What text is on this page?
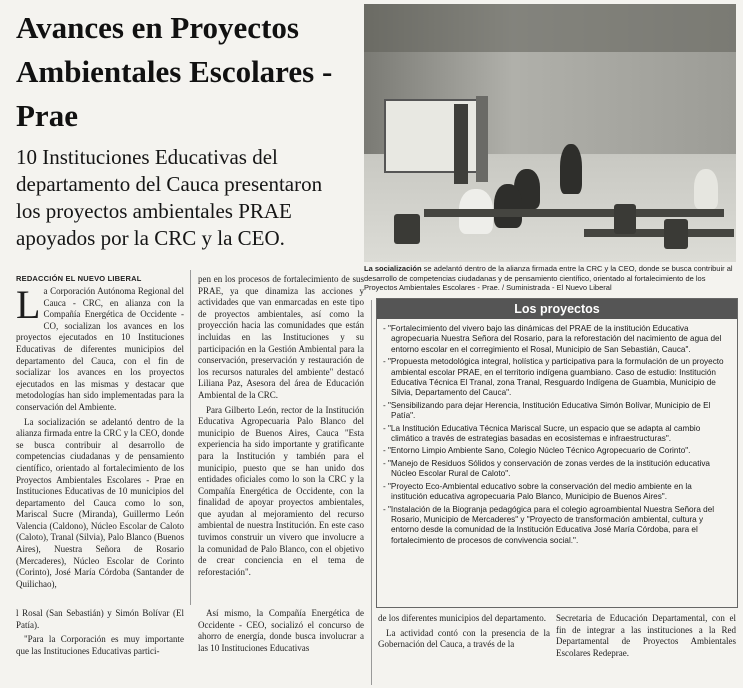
Avances en Proyectos Ambientales Escolares - Prae

10 Instituciones Educativas del departamento del Cauca presentaron los proyectos ambientales PRAE apoyados por la CRC y la CEO.

La socialización se adelantó dentro de la alianza firmada entre la CRC y la CEO, donde se busca contribuir al desarrollo de competencias ciudadanas y de pensamiento científico, orientado al fortalecimiento de los Proyectos Ambientales Escolares - Prae. / Suministrada - El Nuevo Liberal

REDACCIÓN EL NUEVO LIBERAL

La Corporación Autónoma Regional del Cauca - CRC, en alianza con la Compañía Energética de Occidente - CO, socializan los avances en los proyectos ejecutados en 10 Instituciones Educativas de diferentes municipios del departamento del Cauca, con el fin de socializar los avances en los proyectos ejecutados en las mismas y destacar que metodologías han sido implementadas para la conservación del Ambiente.

La socialización se adelantó dentro de la alianza firmada entre la CRC y la CEO, donde se busca contribuir al desarrollo de competencias ciudadanas y de pensamiento científico, orientado al fortalecimiento de los Proyectos Ambientales Escolares - Prae en Instituciones Educativas de 10 municipios del departamento del Cauca como lo son, Mariscal Sucre (Miranda), Guillermo León Valencia (Caldono), Núcleo Escolar de Caloto (Caloto), Tranal (Silvia), Palo Blanco (Buenos Aires), Nuestra Señora de Rosario (Mercaderes), Núcleo Escolar de Corinto (Corinto), José María Córdoba (Santander de Quilichao),

l Rosal (San Sebastián) y Simón Bolívar (El Patía).

"Para la Corporación es muy importante que las Instituciones Educativas partici-

pen en los procesos de fortalecimiento de sus PRAE, ya que dinamiza las acciones y actividades que van enmarcadas en este tipo de proyectos ambientales, así como la proyección hacia las comunidades que están incluidas en las Instituciones y su participación en la Gestión Ambiental para la conservación, preservación y restauración de los recursos naturales del ambiente" destacó Liliana Paz, Asesora del área de Educación Ambiental de la CRC.

Para Gilberto León, rector de la Institución Educativa Agropecuaria Palo Blanco del municipio de Buenos Aires, Cauca "Esta experiencia ha sido importante y gratificante para la Institución y también para el municipio, puesto que se han unido dos entidades oficiales como lo son la CRC y la Compañía Energética de Occidente, con la finalidad de apoyar proyectos ambientales, que ayudan al mejoramiento del recurso ambiental de nuestra Institución. En este caso tuvimos construir un vivero que involucre a la comunidad de Palo Blanco, con el objetivo de crear conciencia en el tema de reforestación".

Así mismo, la Compañía Energética de Occidente - CEO, socializó el concurso de ahorro de energía, donde busca involucrar a las 10 Instituciones Educativas

de los diferentes municipios del departamento.

La actividad contó con la presencia de la Gobernación del Cauca, a través de la

Secretaria de Educación Departamental, con el fin de integrar a las instituciones a la Red Departamental de Proyectos Ambientales Escolares Redeprae.

Los proyectos
- "Fortalecimiento del vivero bajo las dinámicas del PRAE de la institución Educativa agropecuaria Nuestra Señora del Rosario, para la reforestación del nacimiento de agua del entorno escolar en el corregimiento el Rosal, Municipio de San Sebastián, Cauca".
- "Propuesta metodológica integral, holística y participativa para la formulación de un proyecto ambiental escolar PRAE, en el territorio indígena guambiano. Caso de estudio: Institución Educativa Técnica El Tranal, zona Tranal, Resguardo Indígena de Guambia, Municipio de Silvia, Departamento del Cauca".
- "Sensibilizando para dejar Herencia, Institución Educativa Simón Bolívar, Municipio de El Patía".
- "La Institución Educativa Técnica Mariscal Sucre, un espacio que se adapta al cambio climático a través de estrategias basadas en ecosistemas e infraestructuras".
- "Entorno Limpio Ambiente Sano, Colegio Núcleo Técnico Agropecuario de Corinto".
- "Manejo de Residuos Sólidos y conservación de zonas verdes de la institución educativa Núcleo Escolar Rural de Caloto".
- "Proyecto Eco-Ambiental educativo sobre la conservación del medio ambiente en la institución educativa agropecuaria Palo Blanco, Municipio de Buenos Aires".
- "Instalación de la Biogranja pedagógica para el colegio agroambiental Nuestra Señora del Rosario, Municipio de Mercaderes" y "Proyecto de transformación ambiental, cultura y entorno desde la comunidad de la Institución Educativa José María Córdoba, para el fortalecimiento de procesos de convivencia social.".
